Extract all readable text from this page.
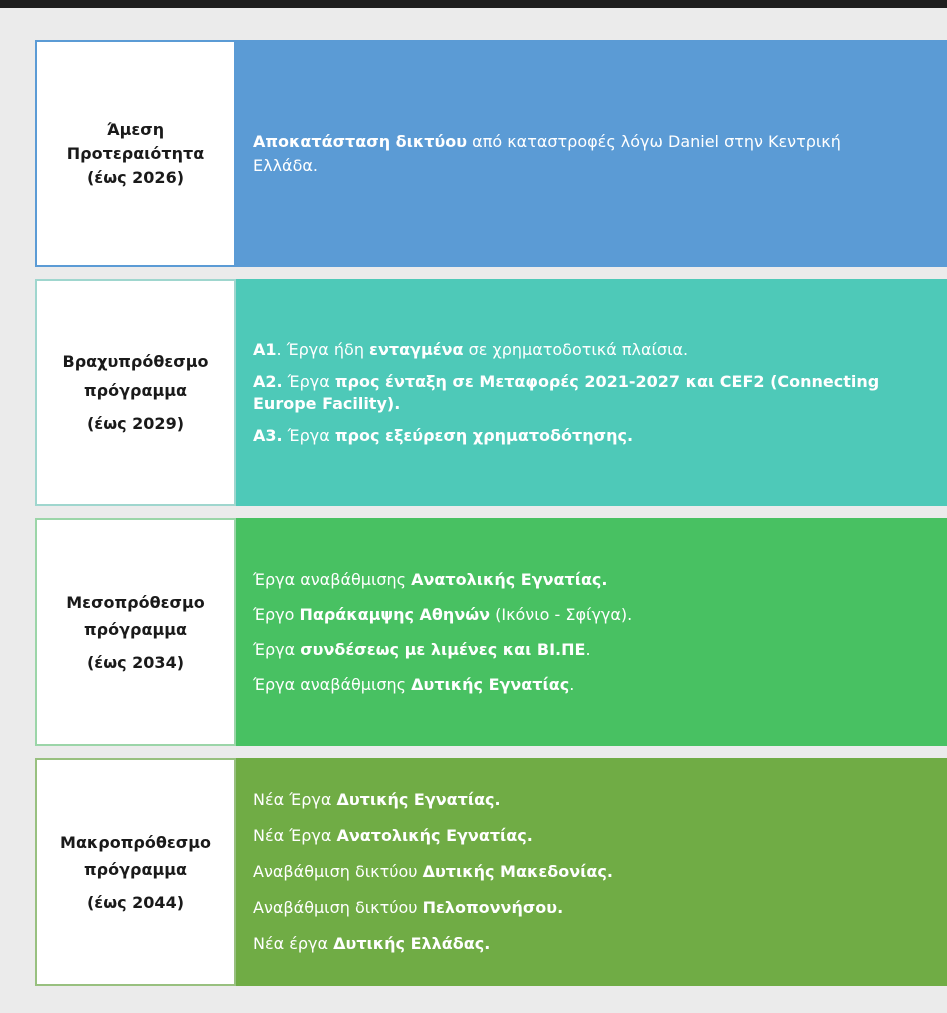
Άμεση
Προτεραιότητα
(έως 2026)
Αποκατάσταση δικτύου από καταστροφές λόγω Daniel στην Κεντρική
Ελλάδα.
Βραχυπρόθεσμο
πρόγραμμα
(έως 2029)
Α1. Έργα ήδη ενταγμένα σε χρηματοδοτικά πλαίσια.
Α2. Έργα προς ένταξη σε Μεταφορές 2021-2027 και CEF2 (Connecting
Europe Facility).
Α3. Έργα προς εξεύρεση χρηματοδότησης.
Μεσοπρόθεσμο
πρόγραμμα
(έως 2034)
Έργα αναβάθμισης Ανατολικής Εγνατίας.
Έργο Παράκαμψης Αθηνών (Ικόνιο - Σφίγγα).
Έργα συνδέσεως με λιμένες και ΒΙ.ΠΕ.
Έργα αναβάθμισης Δυτικής Εγνατίας.
Μακροπρόθεσμο
πρόγραμμα
(έως 2044)
Νέα Έργα Δυτικής Εγνατίας.
Νέα Έργα Ανατολικής Εγνατίας.
Αναβάθμιση δικτύου Δυτικής Μακεδονίας.
Αναβάθμιση δικτύου Πελοποννήσου.
Νέα έργα Δυτικής Ελλάδας.
